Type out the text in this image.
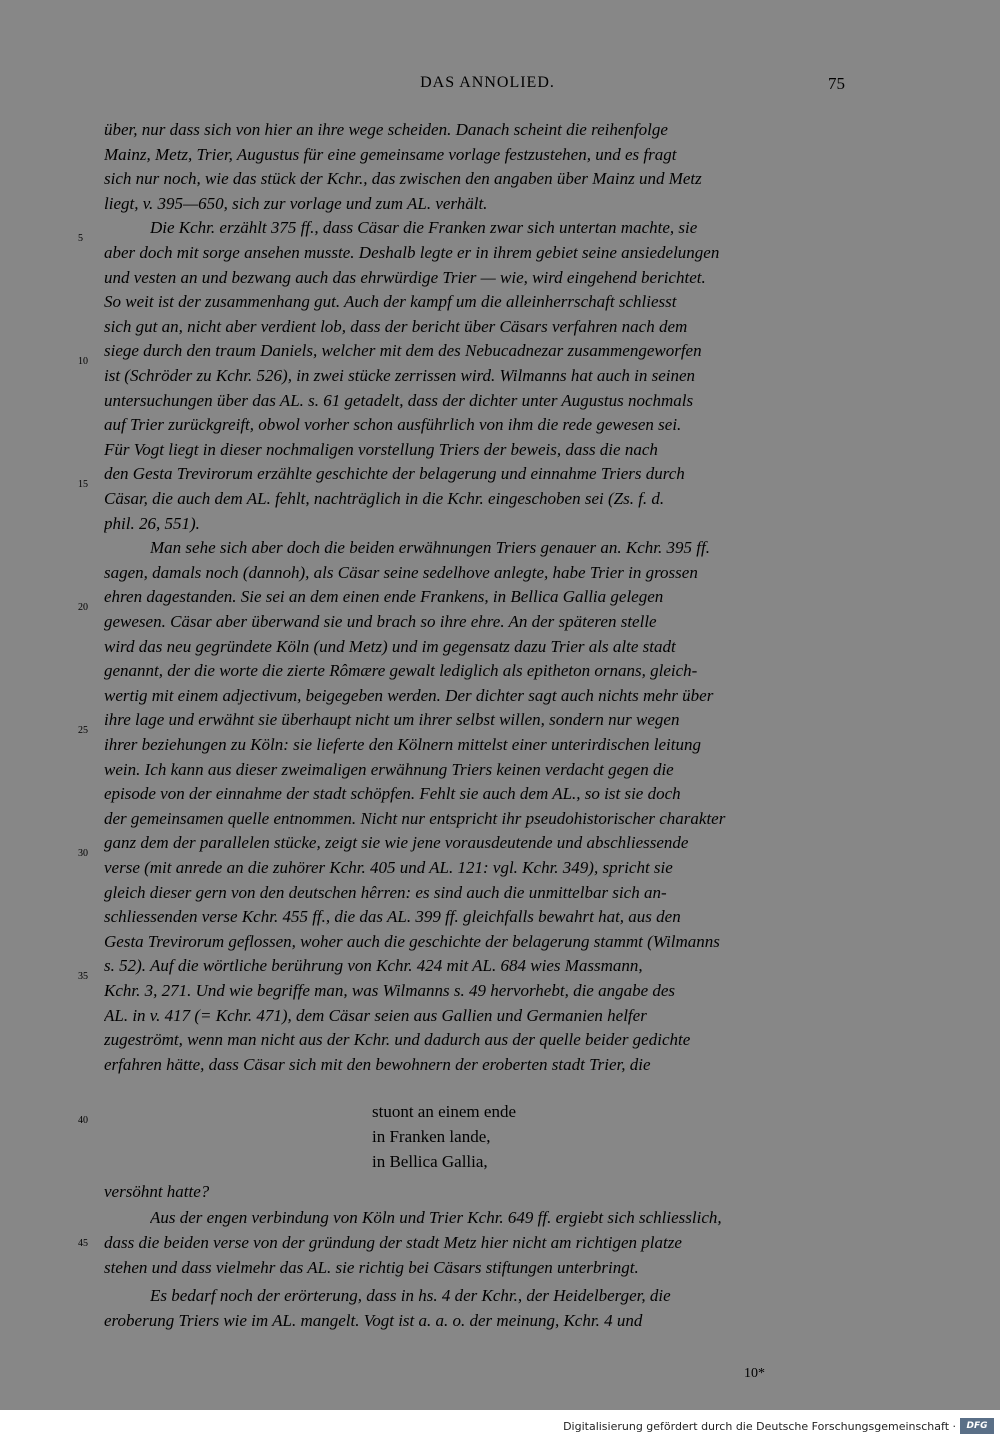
DAS ANNOLIED.	75
über, nur dass sich von hier an ihre wege scheiden. Danach scheint die reihenfolge
Mainz, Metz, Trier, Augustus für eine gemeinsame vorlage festzustehen, und es fragt
sich nur noch, wie das stück der Kchr., das zwischen den angaben über Mainz und Metz
liegt, v. 395—650, sich zur vorlage und zum AL. verhält.
Die Kchr. erzählt 375 ff., dass Cäsar die Franken zwar sich untertan machte, sie
aber doch mit sorge ansehen musste. Deshalb legte er in ihrem gebiet seine ansiedelungen
und vesten an und bezwang auch das ehrwürdige Trier — wie, wird eingehend berichtet.
So weit ist der zusammenhang gut. Auch der kampf um die alleinherrschaft schliesst
sich gut an, nicht aber verdient lob, dass der bericht über Cäsars verfahren nach dem
siege durch den traum Daniels, welcher mit dem des Nebucadnezar zusammengeworfen
ist (Schröder zu Kchr. 526), in zwei stücke zerrissen wird. Wilmanns hat auch in seinen
untersuchungen über das AL. s. 61 getadelt, dass der dichter unter Augustus nochmals
auf Trier zurückgreift, obwol vorher schon ausführlich von ihm die rede gewesen sei.
Für Vogt liegt in dieser nochmaligen vorstellung Triers der beweis, dass die nach
den Gesta Trevirorum erzählte geschichte der belagerung und einnahme Triers durch
Cäsar, die auch dem AL. fehlt, nachträglich in die Kchr. eingeschoben sei (Zs. f. d.
phil. 26, 551).
Man sehe sich aber doch die beiden erwähnungen Triers genauer an. Kchr. 395 ff.
sagen, damals noch (dannoh), als Cäsar seine sedelhove anlegte, habe Trier in grossen
ehren dagestanden. Sie sei an dem einen ende Frankens, in Bellica Gallia gelegen
gewesen. Cäsar aber überwand sie und brach so ihre ehre. An der späteren stelle
wird das neu gegründete Köln (und Metz) und im gegensatz dazu Trier als alte stadt
genannt, der die worte die zierte Rômære gewalt lediglich als epitheton ornans, gleich-
wertig mit einem adjectivum, beigegeben werden. Der dichter sagt auch nichts mehr über
ihre lage und erwähnt sie überhaupt nicht um ihrer selbst willen, sondern nur wegen
ihrer beziehungen zu Köln: sie lieferte den Kölnern mittelst einer unterirdischen leitung
wein. Ich kann aus dieser zweimaligen erwähnung Triers keinen verdacht gegen die
episode von der einnahme der stadt schöpfen. Fehlt sie auch dem AL., so ist sie doch
der gemeinsamen quelle entnommen. Nicht nur entspricht ihr pseudohistorischer charakter
ganz dem der parallelen stücke, zeigt sie wie jene vorausdeutende und abschliessende
verse (mit anrede an die zuhörer Kchr. 405 und AL. 121: vgl. Kchr. 349), spricht sie
gleich dieser gern von den deutschen hêrren: es sind auch die unmittelbar sich an-
schliessenden verse Kchr. 455 ff., die das AL. 399 ff. gleichfalls bewahrt hat, aus den
Gesta Trevirorum geflossen, woher auch die geschichte der belagerung stammt (Wilmanns
s. 52). Auf die wörtliche berührung von Kchr. 424 mit AL. 684 wies Massmann,
Kchr. 3, 271. Und wie begriffe man, was Wilmanns s. 49 hervorhebt, die angabe des
AL. in v. 417 (= Kchr. 471), dem Cäsar seien aus Gallien und Germanien helfer
zugeströmt, wenn man nicht aus der Kchr. und dadurch aus der quelle beider gedichte
erfahren hätte, dass Cäsar sich mit den bewohnern der eroberten stadt Trier, die
stuont an einem ende
in Franken lande,
in Bellica Gallia,
versöhnt hatte?
Aus der engen verbindung von Köln und Trier Kchr. 649 ff. ergiebt sich schliesslich,
dass die beiden verse von der gründung der stadt Metz hier nicht am richtigen platze
stehen und dass vielmehr das AL. sie richtig bei Cäsars stiftungen unterbringt.
Es bedarf noch der erörterung, dass in hs. 4 der Kchr., der Heidelberger, die
eroberung Triers wie im AL. mangelt. Vogt ist a. a. o. der meinung, Kchr. 4 und
5
10
15
20
25
30
35
40
45
10*
Digitalisierung gefördert durch die Deutsche Forschungsgemeinschaft ·	DFG
